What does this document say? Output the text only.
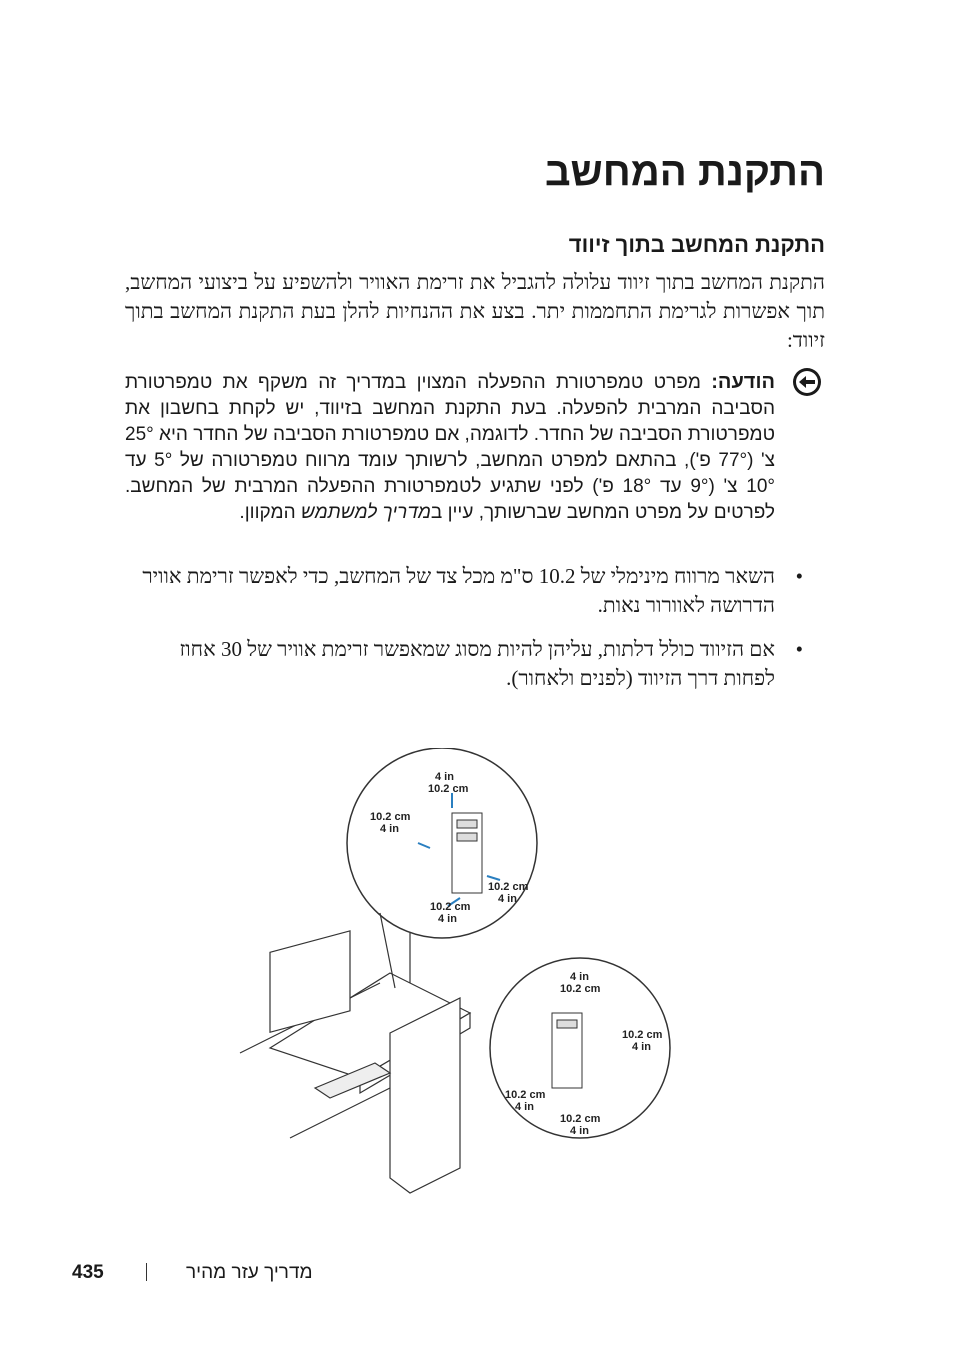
התקנת המחשב
התקנת המחשב בתוך זיווד
התקנת המחשב בתוך זיווד עלולה להגביל את זרימת האוויר ולהשפיע על ביצועי המחשב, תוך אפשרות לגרימת התחממות יתר. בצע את ההנחיות להלן בעת התקנת המחשב בתוך זיווד:
הודעה: מפרט טמפרטורת ההפעלה המצוין במדריך זה משקף את טמפרטורת הסביבה המרבית להפעלה. בעת התקנת המחשב בזיווד, יש לקחת בחשבון את טמפרטורת הסביבה של החדר. לדוגמה, אם טמפרטורת הסביבה של החדר היא 25° צ' (77° פ'), בהתאם למפרט המחשב, לרשותך עומד מרווח טמפרטורה של 5° עד 10° צ' (9° עד 18° פ') לפני שתגיע לטמפרטורת ההפעלה המרבית של המחשב. לפרטים על מפרט המחשב שברשותך, עיין במדריך למשתמש המקוון.
•
השאר מרווח מינימלי של 10.2 ס"מ מכל צד של המחשב, כדי לאפשר זרימת אוויר הדרושה לאוורור נאות.
•
אם הזיווד כולל דלתות, עליהן להיות מסוג שמאפשר זרימת אוויר של 30 אחוז לפחות דרך הזיווד (לפנים ולאחור).
4 in
10.2 cm
10.2 cm
4 in
10.2 cm
4 in
10.2 cm
4 in
4 in
10.2 cm
10.2 cm
4 in
10.2 cm
4 in
10.2 cm
4 in
435	מדריך עזר מהיר
